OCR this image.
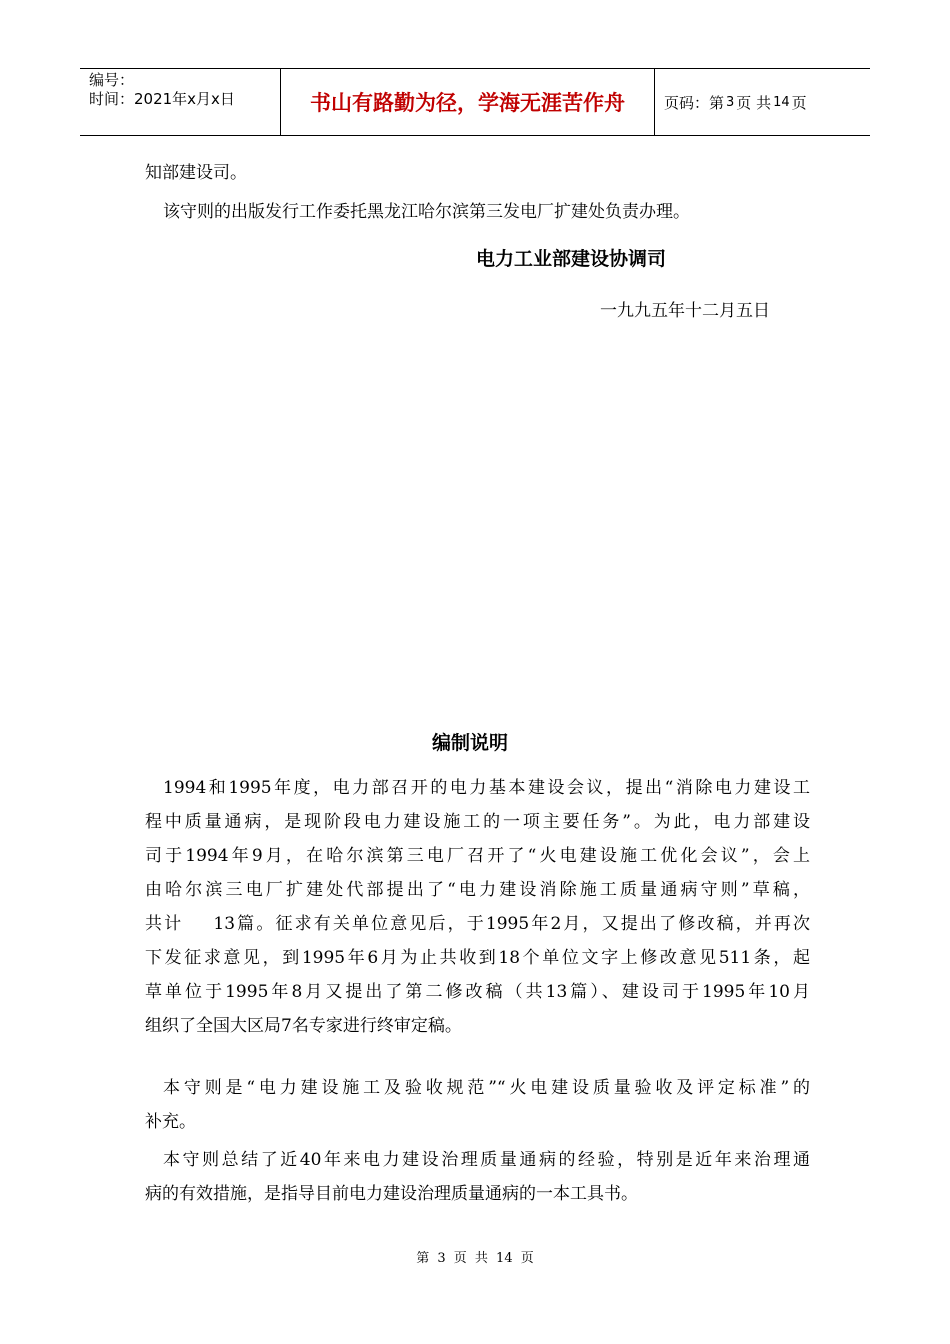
编号：
时间：2021年x月x日	书山有路勤为径，学海无涯苦作舟	页码：第 3 页 共 14 页
知部建设司。
该守则的出版发行工作委托黑龙江哈尔滨第三发电厂扩建处负责办理。
电力工业部建设协调司
一九九五年十二月五日
编制说明
1994和1995年度，电力部召开的电力基本建设会议，提出“消除电力建设工
程中质量通病，是现阶段电力建设施工的一项主要任务”。为此，电力部建设
司于1994年9月，在哈尔滨第三电厂召开了“火电建设施工优化会议”，会上
由哈尔滨三电厂扩建处代部提出了“电力建设消除施工质量通病守则”草稿，
共计    13篇。征求有关单位意见后，于1995年2月，又提出了修改稿，并再次
下发征求意见，到1995年6月为止共收到18个单位文字上修改意见511条，起
草单位于1995年8月又提出了第二修改稿（共13篇）、建设司于1995年10月
组织了全国大区局7名专家进行终审定稿。
本守则是“电力建设施工及验收规范”“火电建设质量验收及评定标准”的
补充。
本守则总结了近40年来电力建设治理质量通病的经验，特别是近年来治理通
病的有效措施，是指导目前电力建设治理质量通病的一本工具书。
第 3 页 共 14 页
